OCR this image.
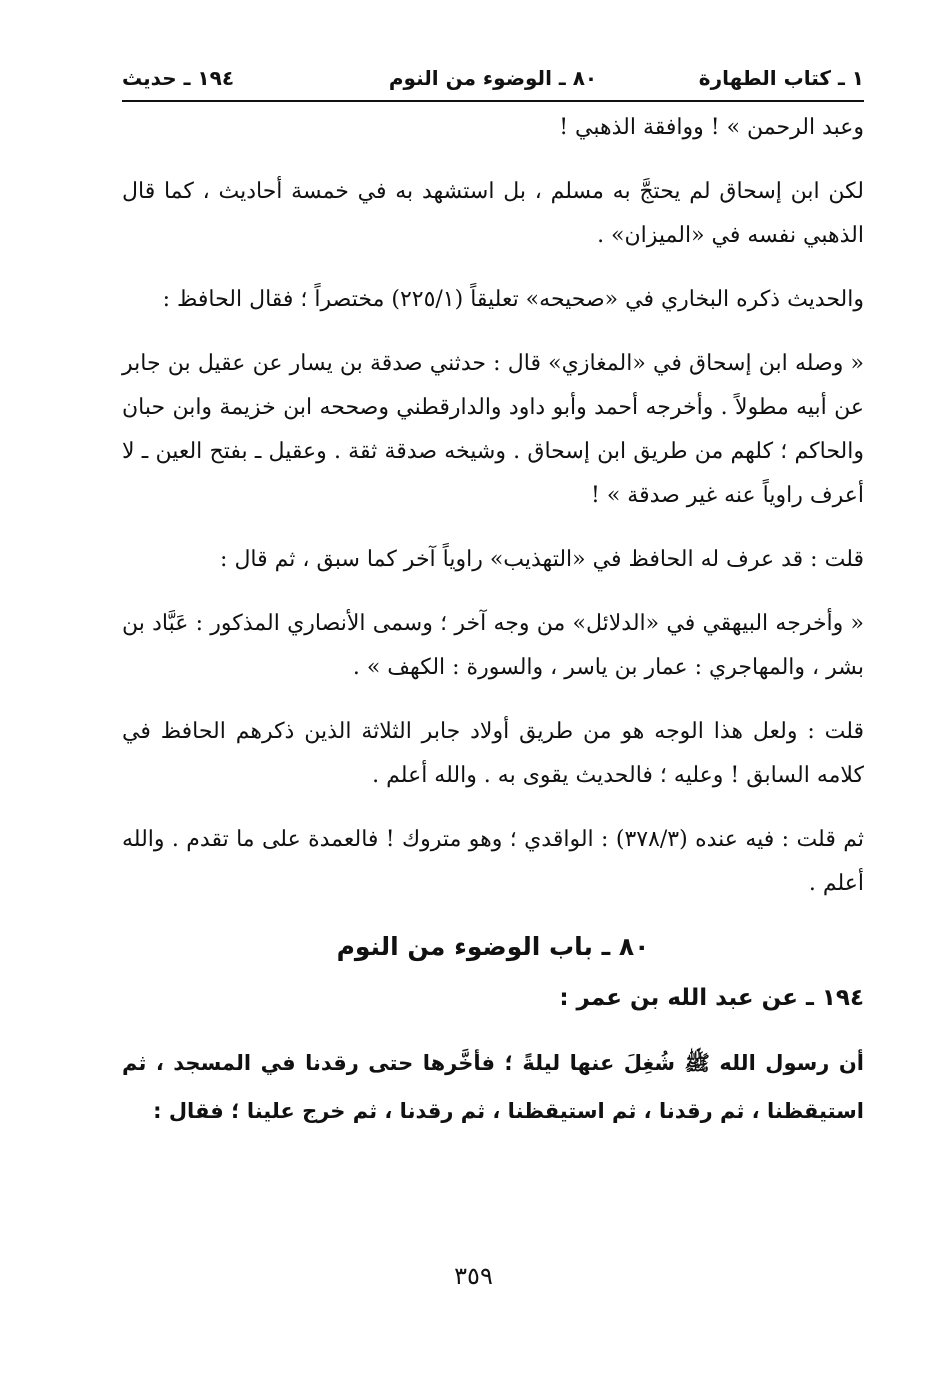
١ ـ كتاب الطهارة
٨٠ ـ الوضوء من النوم
١٩٤ ـ حديث

وعبد الرحمن » ! ووافقة الذهبي !

لكن ابن إسحاق لم يحتجَّ به مسلم ، بل استشهد به في خمسة أحاديث ، كما قال الذهبي نفسه في «الميزان» .

والحديث ذكره البخاري في «صحيحه» تعليقاً (٢٢٥/١) مختصراً ؛ فقال الحافظ :

« وصله ابن إسحاق في «المغازي» قال : حدثني صدقة بن يسار عن عقيل بن جابر عن أبيه مطولاً . وأخرجه أحمد وأبو داود والدارقطني وصححه ابن خزيمة وابن حبان والحاكم ؛ كلهم من طريق ابن إسحاق . وشيخه صدقة ثقة . وعقيل ـ بفتح العين ـ لا أعرف راوياً عنه غير صدقة » !

قلت : قد عرف له الحافظ في «التهذيب» راوياً آخر كما سبق ، ثم قال :

« وأخرجه البيهقي في «الدلائل» من وجه آخر ؛ وسمى الأنصاري المذكور : عَبَّاد بن بشر ، والمهاجري : عمار بن ياسر ، والسورة : الكهف » .

قلت : ولعل هذا الوجه هو من طريق أولاد جابر الثلاثة الذين ذكرهم الحافظ في كلامه السابق ! وعليه ؛ فالحديث يقوى به . والله أعلم .

ثم قلت : فيه عنده (٣٧٨/٣) : الواقدي ؛ وهو متروك ! فالعمدة على ما تقدم . والله أعلم .

٨٠ ـ باب الوضوء من النوم
١٩٤ ـ عن عبد الله بن عمر :

أن رسول الله ﷺ شُغِلَ عنها ليلةً ؛ فأخَّرها حتى رقدنا في المسجد ، ثم استيقظنا ، ثم رقدنا ، ثم استيقظنا ، ثم رقدنا ، ثم خرج علينا ؛ فقال :

٣٥٩
